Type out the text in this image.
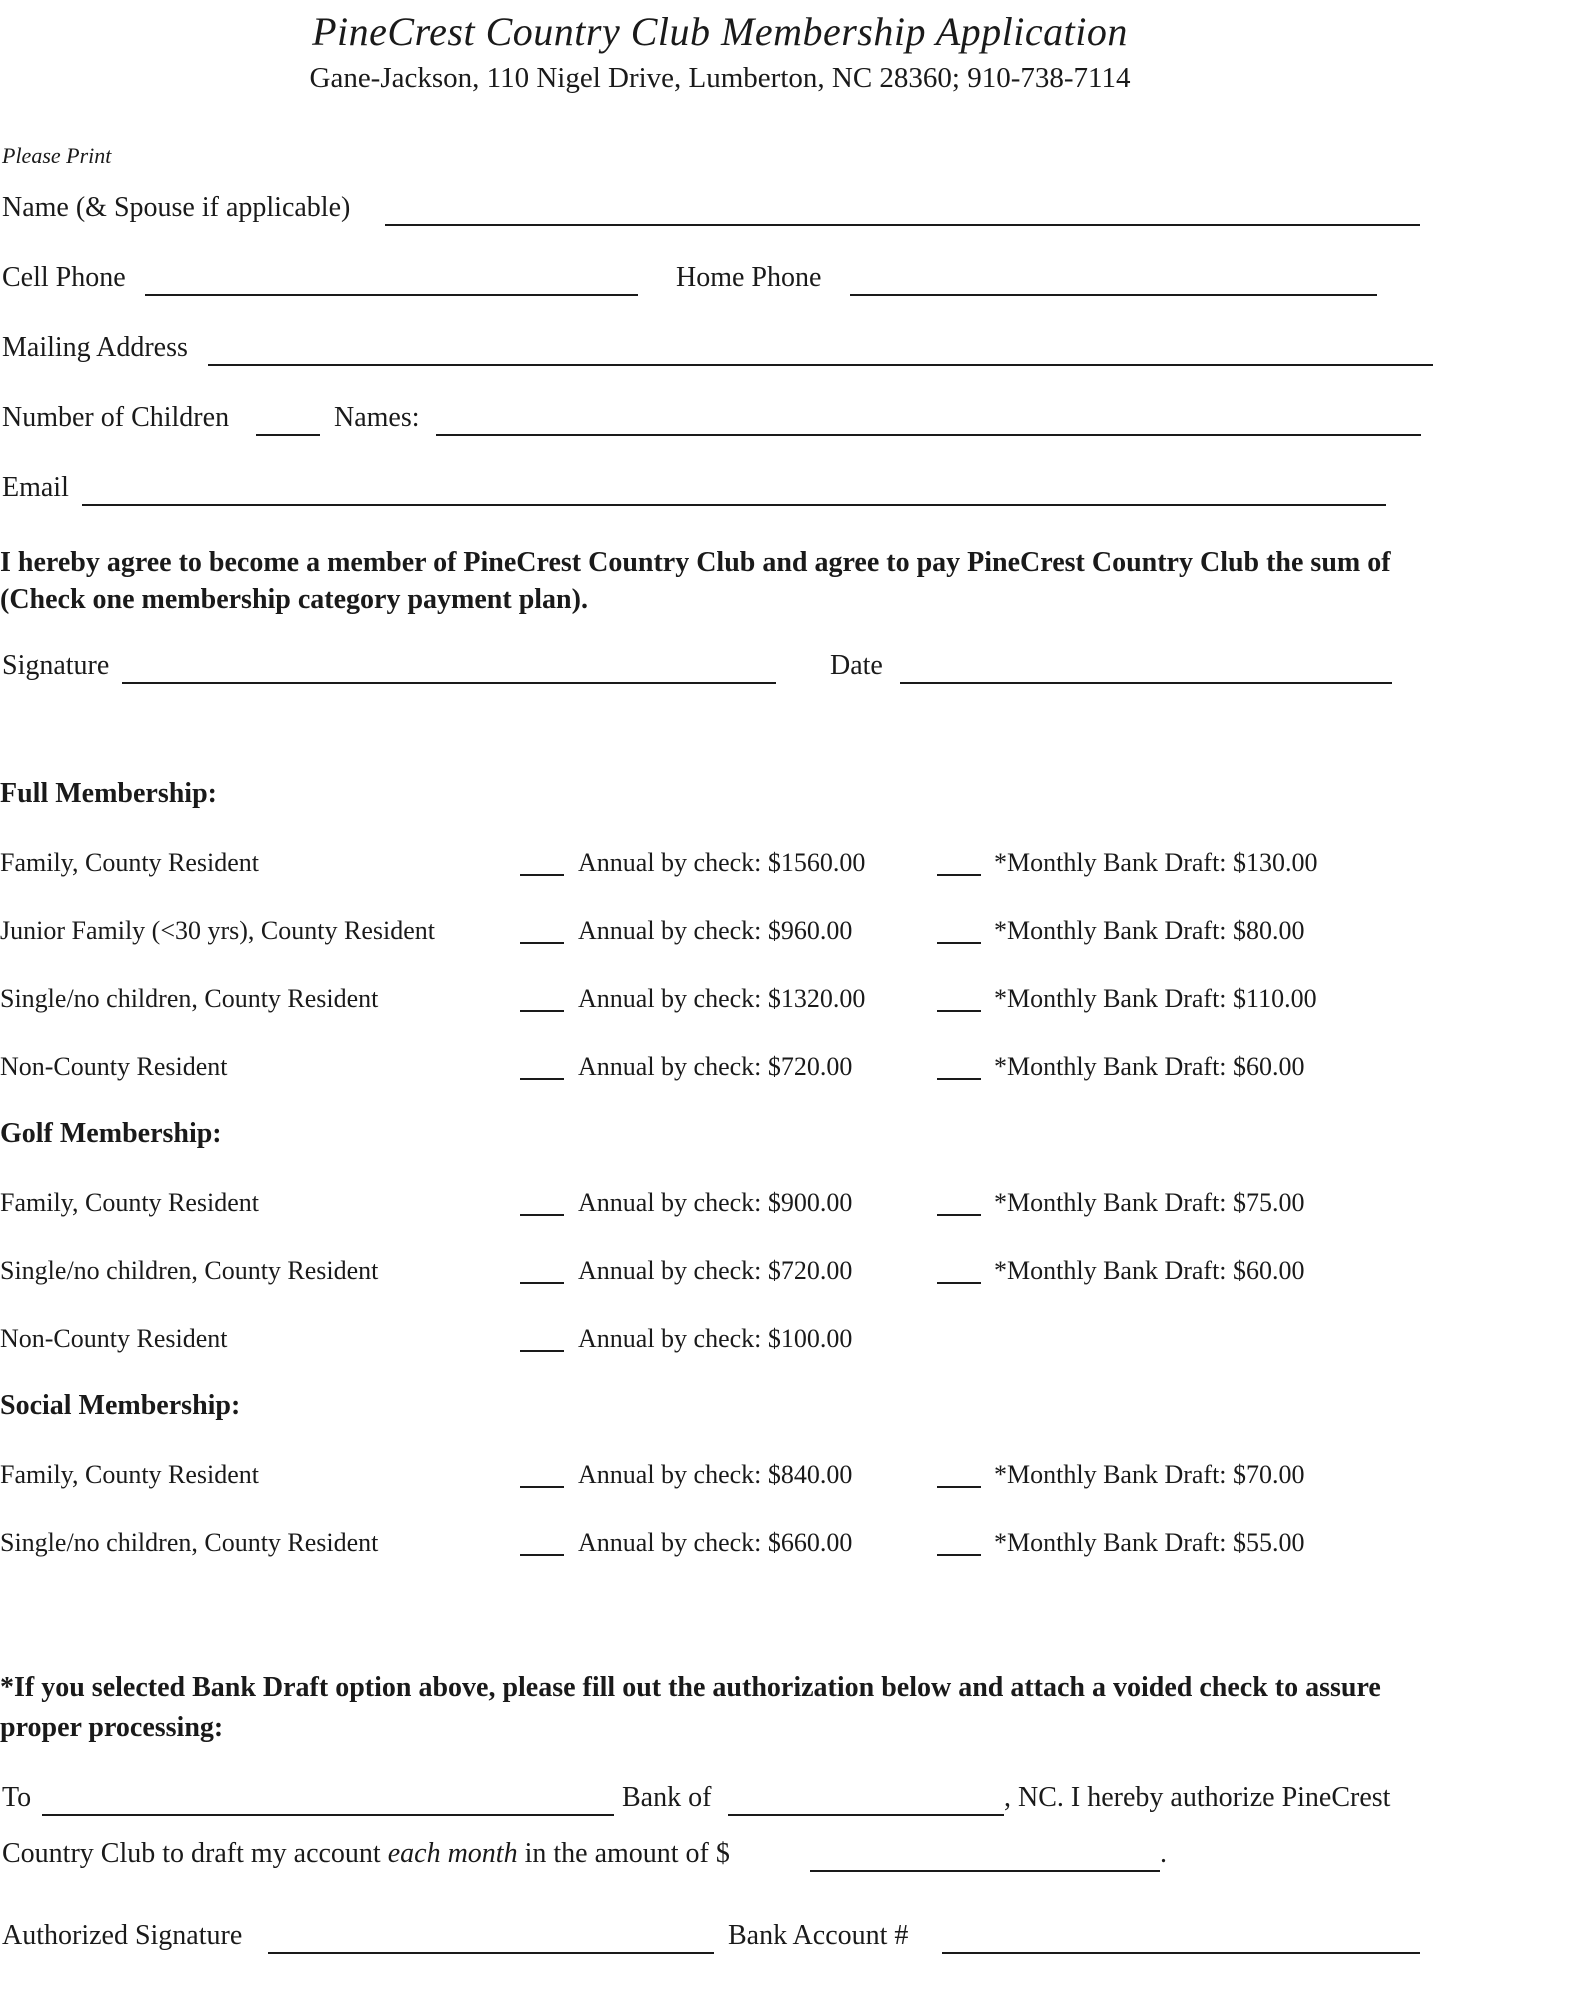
PineCrest Country Club Membership Application
Gane-Jackson, 110 Nigel Drive, Lumberton, NC 28360; 910-738-7114
Please Print
Name (& Spouse if applicable)
Cell Phone	Home Phone
Mailing Address
Number of Children	Names:
Email
I hereby agree to become a member of PineCrest Country Club and agree to pay PineCrest Country Club the sum of (Check one membership category payment plan).
Signature	Date
Full Membership:
Family, County Resident	Annual by check: $1560.00	*Monthly Bank Draft: $130.00
Junior Family (<30 yrs), County Resident	Annual by check: $960.00	*Monthly Bank Draft: $80.00
Single/no children, County Resident	Annual by check: $1320.00	*Monthly Bank Draft: $110.00
Non-County Resident	Annual by check: $720.00	*Monthly Bank Draft: $60.00
Golf Membership:
Family, County Resident	Annual by check: $900.00	*Monthly Bank Draft: $75.00
Single/no children, County Resident	Annual by check: $720.00	*Monthly Bank Draft: $60.00
Non-County Resident	Annual by check: $100.00
Social Membership:
Family, County Resident	Annual by check: $840.00	*Monthly Bank Draft: $70.00
Single/no children, County Resident	Annual by check: $660.00	*Monthly Bank Draft: $55.00
*If you selected Bank Draft option above, please fill out the authorization below and attach a voided check to assure proper processing:
To	Bank of	, NC. I hereby authorize PineCrest
Country Club to draft my account each month in the amount of $	.
Authorized Signature	Bank Account #
